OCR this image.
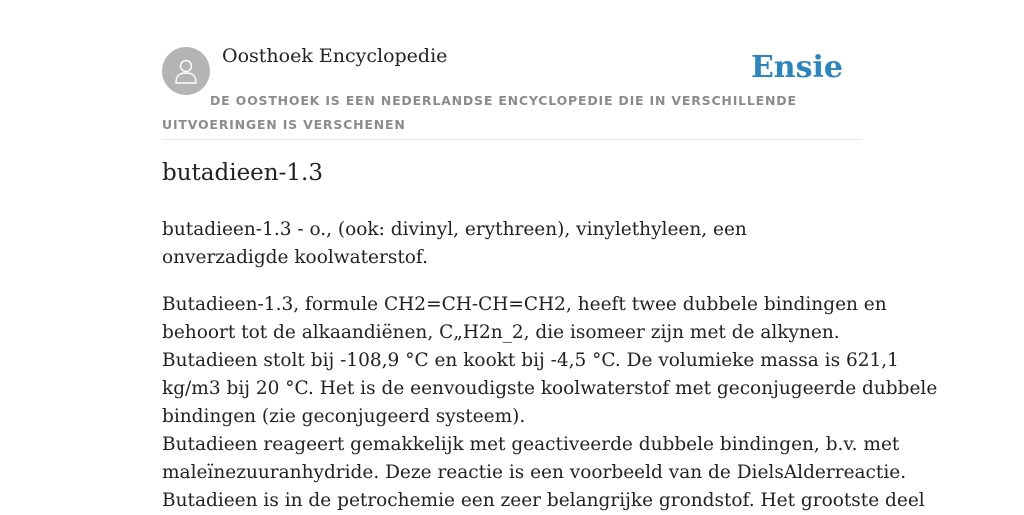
Oosthoek Encyclopedie	Ensie
DE OOSTHOEK IS EEN NEDERLANDSE ENCYCLOPEDIE DIE IN VERSCHILLENDE UITVOERINGEN IS VERSCHENEN
butadieen-1.3

butadieen-1.3 - o., (ook: divinyl, erythreen), vinylethyleen, een onverzadigde koolwaterstof.

Butadieen-1.3, formule CH2=CH-CH=CH2, heeft twee dubbele bindingen en
behoort tot de alkaandiënen, C„H2n_2, die isomeer zijn met de alkynen.
Butadieen stolt bij -108,9 °C en kookt bij -4,5 °C. De volumieke massa is 621,1
kg/m3 bij 20 °C. Het is de eenvoudigste koolwaterstof met geconjugeerde dubbele
bindingen (zie geconjugeerd systeem).
Butadieen reageert gemakkelijk met geactiveerde dubbele bindingen, b.v. met
maleïnezuuranhydride. Deze reactie is een voorbeeld van de DielsAlderreactie.
Butadieen is in de petrochemie een zeer belangrijke grondstof. Het grootste deel
